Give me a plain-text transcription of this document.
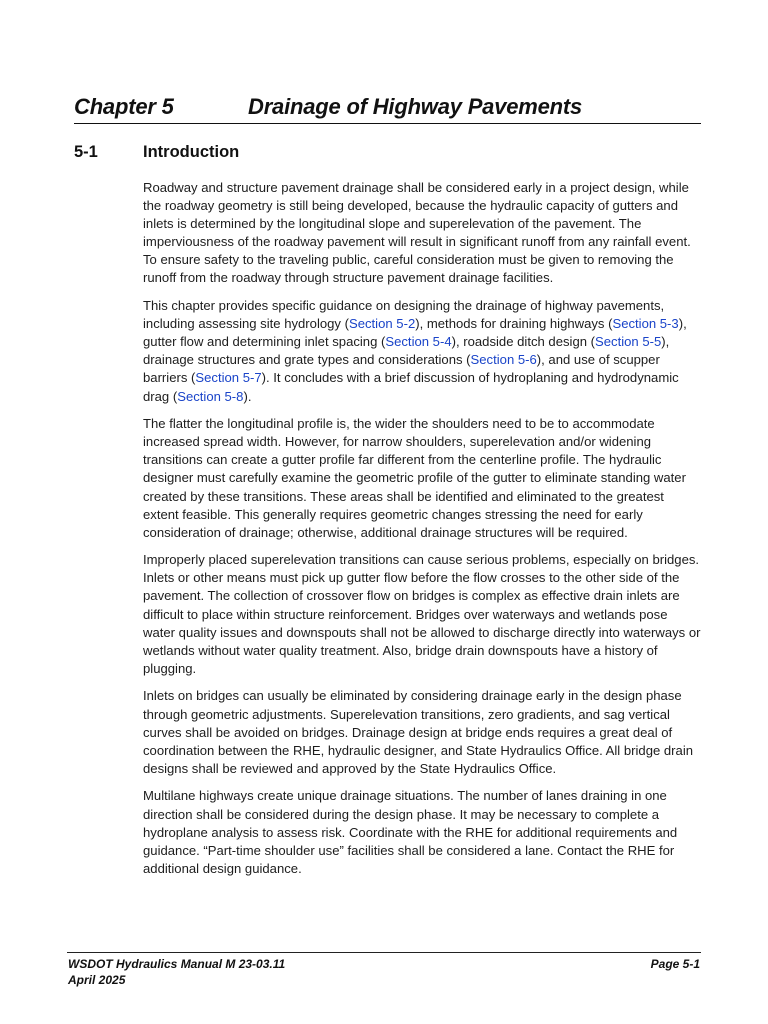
Chapter 5	Drainage of Highway Pavements
5-1	Introduction

Roadway and structure pavement drainage shall be considered early in a project design, while the roadway geometry is still being developed, because the hydraulic capacity of gutters and inlets is determined by the longitudinal slope and superelevation of the pavement. The imperviousness of the roadway pavement will result in significant runoff from any rainfall event. To ensure safety to the traveling public, careful consideration must be given to removing the runoff from the roadway through structure pavement drainage facilities.

This chapter provides specific guidance on designing the drainage of highway pavements, including assessing site hydrology (Section 5-2), methods for draining highways (Section 5-3), gutter flow and determining inlet spacing (Section 5-4), roadside ditch design (Section 5-5), drainage structures and grate types and considerations (Section 5-6), and use of scupper barriers (Section 5-7). It concludes with a brief discussion of hydroplaning and hydrodynamic drag (Section 5-8).

The flatter the longitudinal profile is, the wider the shoulders need to be to accommodate increased spread width. However, for narrow shoulders, superelevation and/or widening transitions can create a gutter profile far different from the centerline profile. The hydraulic designer must carefully examine the geometric profile of the gutter to eliminate standing water created by these transitions. These areas shall be identified and eliminated to the greatest extent feasible. This generally requires geometric changes stressing the need for early consideration of drainage; otherwise, additional drainage structures will be required.

Improperly placed superelevation transitions can cause serious problems, especially on bridges. Inlets or other means must pick up gutter flow before the flow crosses to the other side of the pavement. The collection of crossover flow on bridges is complex as effective drain inlets are difficult to place within structure reinforcement. Bridges over waterways and wetlands pose water quality issues and downspouts shall not be allowed to discharge directly into waterways or wetlands without water quality treatment. Also, bridge drain downspouts have a history of plugging.

Inlets on bridges can usually be eliminated by considering drainage early in the design phase through geometric adjustments. Superelevation transitions, zero gradients, and sag vertical curves shall be avoided on bridges. Drainage design at bridge ends requires a great deal of coordination between the RHE, hydraulic designer, and State Hydraulics Office. All bridge drain designs shall be reviewed and approved by the State Hydraulics Office.

Multilane highways create unique drainage situations. The number of lanes draining in one direction shall be considered during the design phase. It may be necessary to complete a hydroplane analysis to assess risk. Coordinate with the RHE for additional requirements and guidance. “Part-time shoulder use” facilities shall be considered a lane. Contact the RHE for additional design guidance.

WSDOT Hydraulics Manual M 23-03.11
April 2025
Page 5-1
